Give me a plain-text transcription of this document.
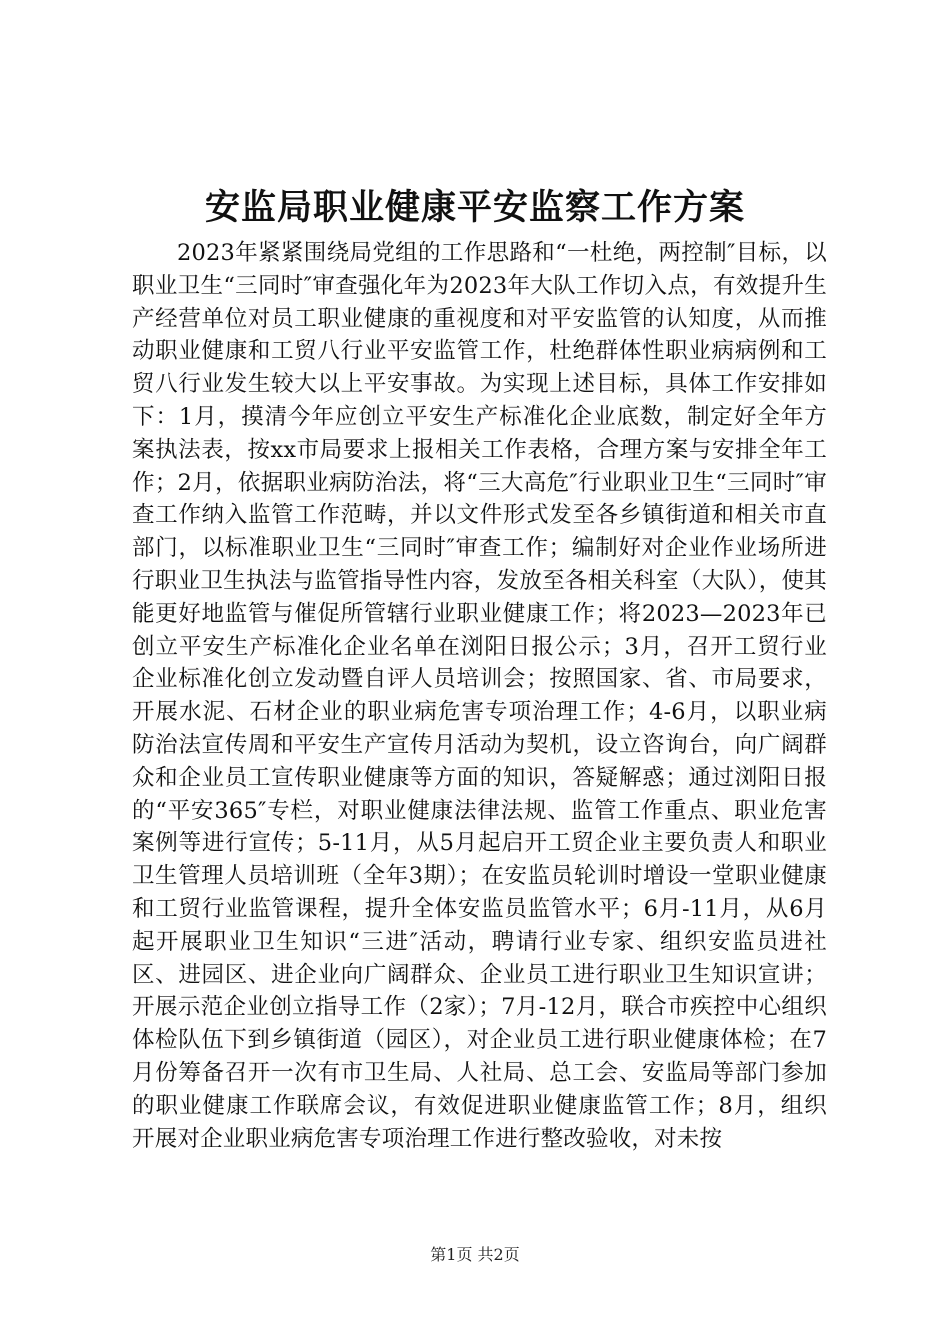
安监局职业健康平安监察工作方案

2023年紧紧围绕局党组的工作思路和“一杜绝，两控制″目标，以职业卫生“三同时″审查强化年为2023年大队工作切入点，有效提升生产经营单位对员工职业健康的重视度和对平安监管的认知度，从而推动职业健康和工贸八行业平安监管工作，杜绝群体性职业病病例和工贸八行业发生较大以上平安事故。为实现上述目标，具体工作安排如下：1月，摸清今年应创立平安生产标准化企业底数，制定好全年方案执法表，按xx市局要求上报相关工作表格，合理方案与安排全年工作；2月，依据职业病防治法，将“三大高危″行业职业卫生“三同时″审查工作纳入监管工作范畴，并以文件形式发至各乡镇街道和相关市直部门，以标准职业卫生“三同时″审查工作；编制好对企业作业场所进行职业卫生执法与监管指导性内容，发放至各相关科室（大队），使其能更好地监管与催促所管辖行业职业健康工作；将2023—2023年已创立平安生产标准化企业名单在浏阳日报公示；3月，召开工贸行业企业标准化创立发动暨自评人员培训会；按照国家、省、市局要求，开展水泥、石材企业的职业病危害专项治理工作；4-6月，以职业病防治法宣传周和平安生产宣传月活动为契机，设立咨询台，向广阔群众和企业员工宣传职业健康等方面的知识，答疑解惑；通过浏阳日报的“平安365″专栏，对职业健康法律法规、监管工作重点、职业危害案例等进行宣传；5-11月，从5月起启开工贸企业主要负责人和职业卫生管理人员培训班（全年3期）；在安监员轮训时增设一堂职业健康和工贸行业监管课程，提升全体安监员监管水平；6月-11月，从6月起开展职业卫生知识“三进″活动，聘请行业专家、组织安监员进社区、进园区、进企业向广阔群众、企业员工进行职业卫生知识宣讲；开展示范企业创立指导工作（2家）；7月-12月，联合市疾控中心组织体检队伍下到乡镇街道（园区），对企业员工进行职业健康体检；在7月份筹备召开一次有市卫生局、人社局、总工会、安监局等部门参加的职业健康工作联席会议，有效促进职业健康监管工作；8月，组织开展对企业职业病危害专项治理工作进行整改验收，对未按

第1页 共2页
